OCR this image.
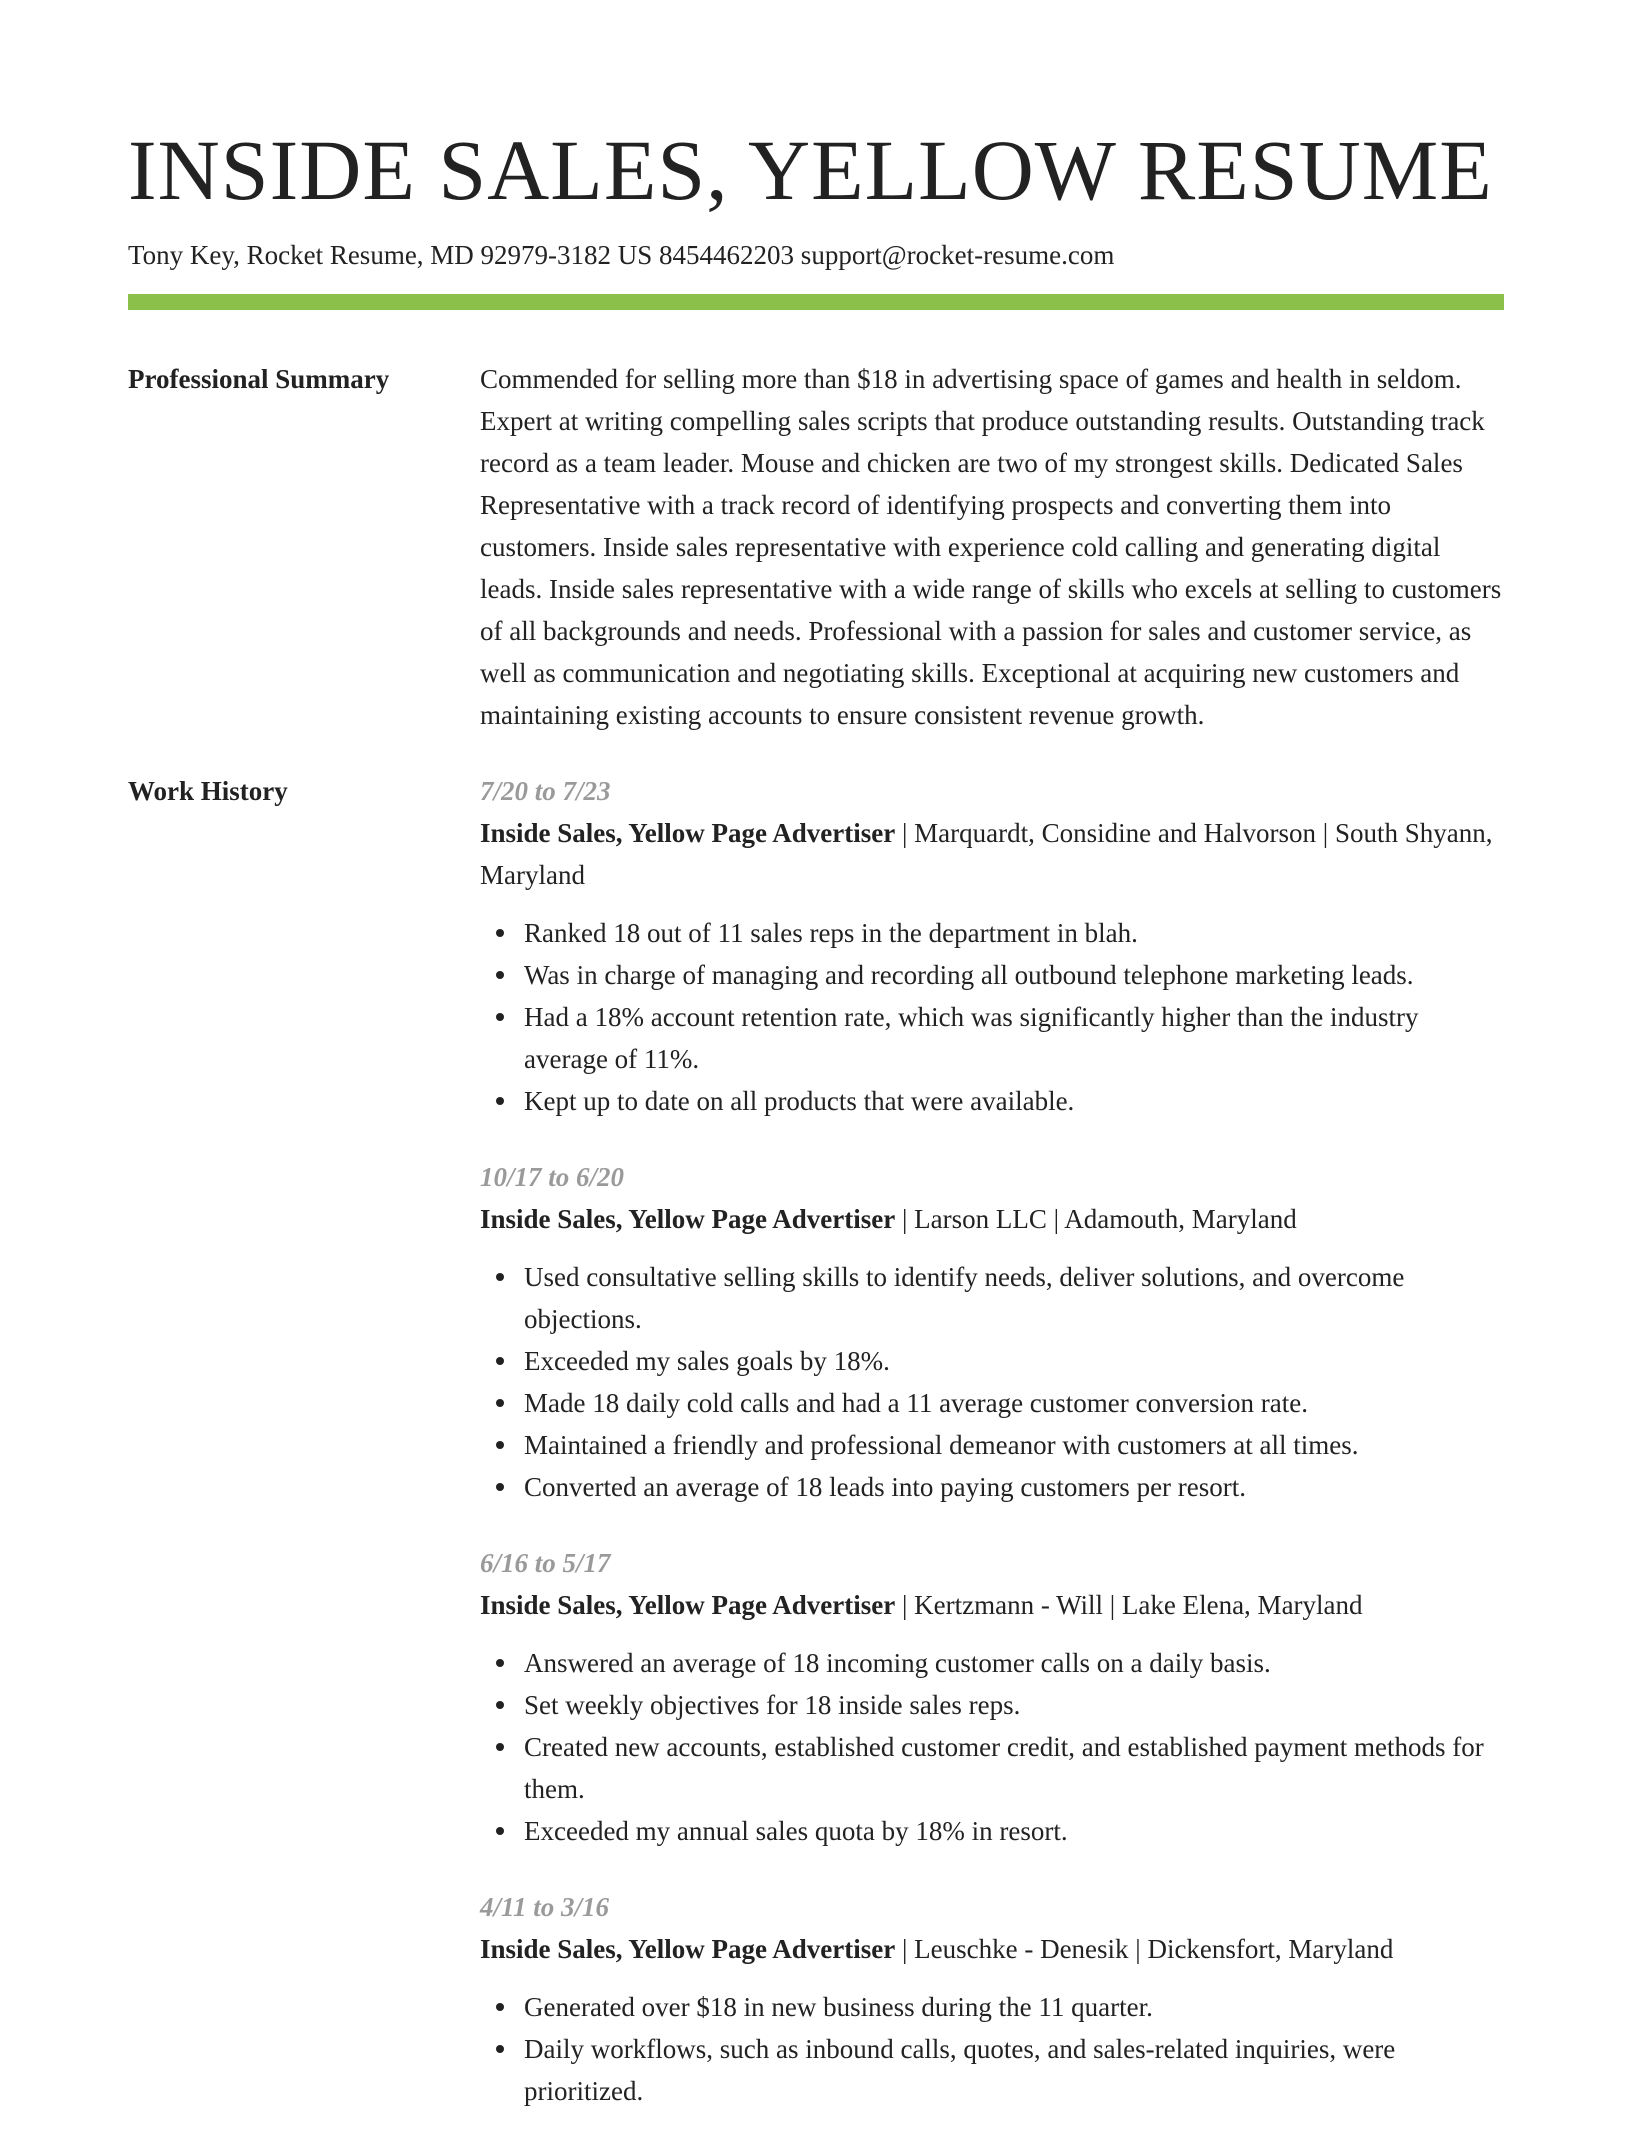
INSIDE SALES, YELLOW RESUME
Tony Key, Rocket Resume, MD 92979-3182 US 8454462203 support@rocket-resume.com
Professional Summary	Commended for selling more than $18 in advertising space of games and health in seldom. Expert at writing compelling sales scripts that produce outstanding results. Outstanding track record as a team leader. Mouse and chicken are two of my strongest skills. Dedicated Sales Representative with a track record of identifying prospects and converting them into customers. Inside sales representative with experience cold calling and generating digital leads. Inside sales representative with a wide range of skills who excels at selling to customers of all backgrounds and needs. Professional with a passion for sales and customer service, as well as communication and negotiating skills. Exceptional at acquiring new customers and maintaining existing accounts to ensure consistent revenue growth.

Work History	7/20 to 7/23
Inside Sales, Yellow Page Advertiser | Marquardt, Considine and Halvorson | South Shyann, Maryland
Ranked 18 out of 11 sales reps in the department in blah.
Was in charge of managing and recording all outbound telephone marketing leads.
Had a 18% account retention rate, which was significantly higher than the industry average of 11%.
Kept up to date on all products that were available.
10/17 to 6/20
Inside Sales, Yellow Page Advertiser | Larson LLC | Adamouth, Maryland
Used consultative selling skills to identify needs, deliver solutions, and overcome objections.
Exceeded my sales goals by 18%.
Made 18 daily cold calls and had a 11 average customer conversion rate.
Maintained a friendly and professional demeanor with customers at all times.
Converted an average of 18 leads into paying customers per resort.
6/16 to 5/17
Inside Sales, Yellow Page Advertiser | Kertzmann - Will | Lake Elena, Maryland
Answered an average of 18 incoming customer calls on a daily basis.
Set weekly objectives for 18 inside sales reps.
Created new accounts, established customer credit, and established payment methods for them.
Exceeded my annual sales quota by 18% in resort.
4/11 to 3/16
Inside Sales, Yellow Page Advertiser | Leuschke - Denesik | Dickensfort, Maryland
Generated over $18 in new business during the 11 quarter.
Daily workflows, such as inbound calls, quotes, and sales-related inquiries, were prioritized.
